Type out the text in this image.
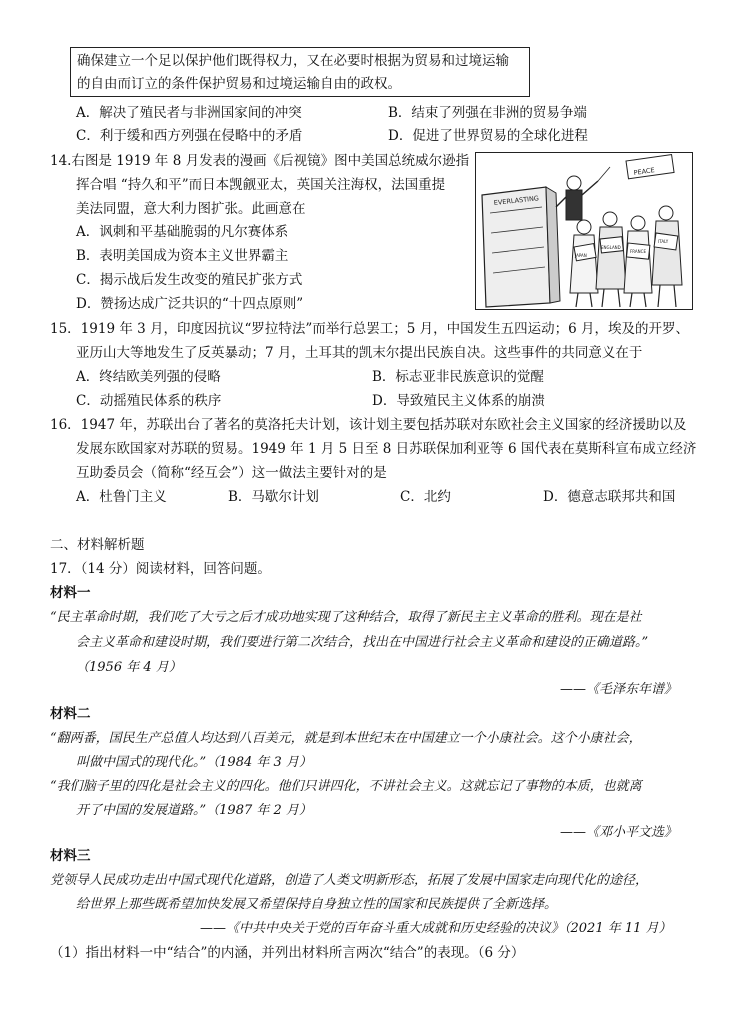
确保建立一个足以保护他们既得权力，又在必要时根据为贸易和过境运输
的自由而订立的条件保护贸易和过境运输自由的政权。
A．解决了殖民者与非洲国家间的冲突	B．结束了列强在非洲的贸易争端
C．利于缓和西方列强在侵略中的矛盾	D．促进了世界贸易的全球化进程
14.右图是 1919 年 8 月发表的漫画《后视镜》图中美国总统威尔逊指
挥合唱 “持久和平”而日本觊觎亚太，英国关注海权，法国重提
美法同盟，意大利力图扩张。此画意在
A．讽刺和平基础脆弱的凡尔赛体系
B．表明美国成为资本主义世界霸主
C．揭示战后发生改变的殖民扩张方式
D．赞扬达成广泛共识的“十四点原则”
EVERLASTING
PEACE
JAPAN
ENGLAND
FRANCE
ITALY
15．1919 年 3 月，印度因抗议“罗拉特法”而举行总罢工；5 月，中国发生五四运动；6 月，埃及的开罗、
亚历山大等地发生了反英暴动；7 月，土耳其的凯末尔提出民族自决。这些事件的共同意义在于
A．终结欧美列强的侵略	B．标志亚非民族意识的觉醒
C．动摇殖民体系的秩序	D．导致殖民主义体系的崩溃
16．1947 年，苏联出台了著名的莫洛托夫计划，该计划主要包括苏联对东欧社会主义国家的经济援助以及
发展东欧国家对苏联的贸易。1949 年 1 月 5 日至 8 日苏联保加利亚等 6 国代表在莫斯科宣布成立经济
互助委员会（简称“经互会”）这一做法主要针对的是
A．杜鲁门主义	B．马歇尔计划	C．北约	D．德意志联邦共和国
二、材料解析题
17．（14 分）阅读材料，回答问题。
材料一
“民主革命时期，我们吃了大亏之后才成功地实现了这种结合，取得了新民主主义革命的胜利。现在是社
会主义革命和建设时期，我们要进行第二次结合，找出在中国进行社会主义革命和建设的正确道路。”
（1956 年 4 月）
——《毛泽东年谱》
材料二
“翻两番，国民生产总值人均达到八百美元，就是到本世纪末在中国建立一个小康社会。这个小康社会，
叫做中国式的现代化。”（1984 年 3 月）
“我们脑子里的四化是社会主义的四化。他们只讲四化，不讲社会主义。这就忘记了事物的本质，也就离
开了中国的发展道路。”（1987 年 2 月）
——《邓小平文选》
材料三
党领导人民成功走出中国式现代化道路，创造了人类文明新形态，拓展了发展中国家走向现代化的途径，
给世界上那些既希望加快发展又希望保持自身独立性的国家和民族提供了全新选择。
——《中共中央关于党的百年奋斗重大成就和历史经验的决议》（2021 年 11 月）
（1）指出材料一中“结合”的内涵，并列出材料所言两次“结合”的表现。（6 分）
